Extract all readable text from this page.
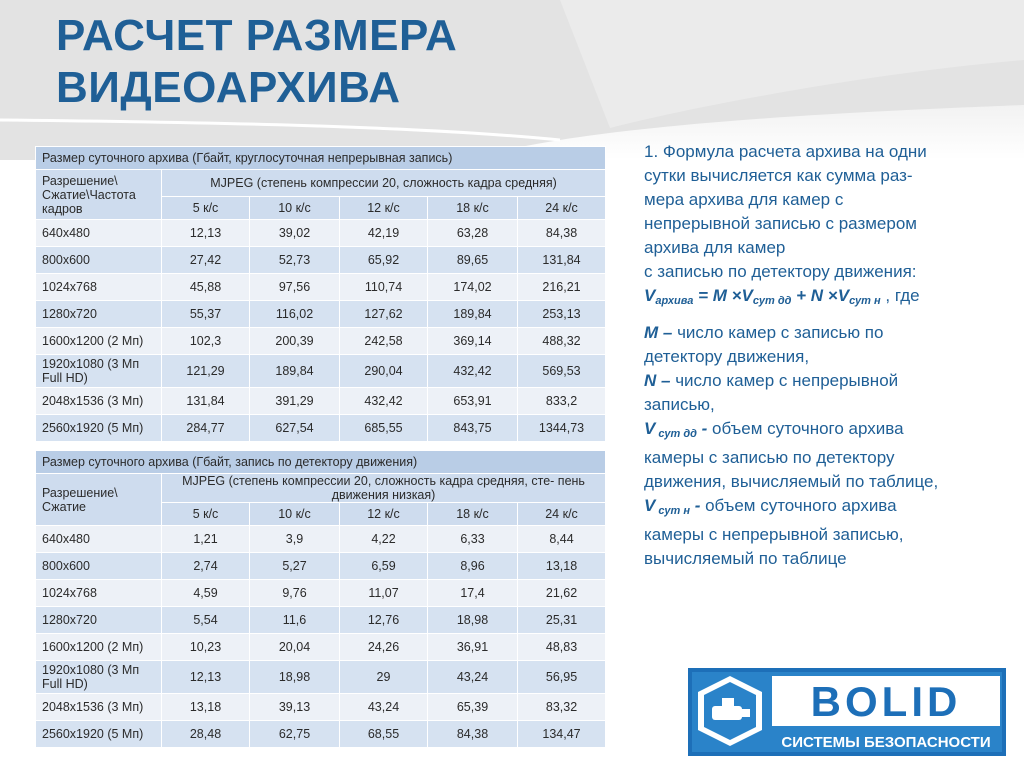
РАСЧЕТ РАЗМЕРА
ВИДЕОАРХИВА
Размер суточного архива (Гбайт, круглосуточная непрерывная запись)					
Разрешение\ Сжатие\Частота кадров	MJPEG (степень компрессии 20, сложность кадра средняя)				
	5 к/с	10 к/с	12 к/с	18 к/с	24 к/с
640x480	12,13	39,02	42,19	63,28	84,38
800x600	27,42	52,73	65,92	89,65	131,84
1024x768	45,88	97,56	110,74	174,02	216,21
1280x720	55,37	116,02	127,62	189,84	253,13
1600x1200 (2 Мп)	102,3	200,39	242,58	369,14	488,32
1920x1080 (3 Мп Full HD)	121,29	189,84	290,04	432,42	569,53
2048x1536 (3 Мп)	131,84	391,29	432,42	653,91	833,2
2560x1920 (5 Мп)	284,77	627,54	685,55	843,75	1344,73

Размер суточного архива (Гбайт, запись по детектору движения)					
Разрешение\ Сжатие	MJPEG (степень компрессии 20, сложность кадра средняя, сте- пень движения низкая)				
	5 к/с	10 к/с	12 к/с	18 к/с	24 к/с
640x480	1,21	3,9	4,22	6,33	8,44
800x600	2,74	5,27	6,59	8,96	13,18
1024x768	4,59	9,76	11,07	17,4	21,62
1280x720	5,54	11,6	12,76	18,98	25,31
1600x1200 (2 Мп)	10,23	20,04	24,26	36,91	48,83
1920x1080 (3 Мп Full HD)	12,13	18,98	29	43,24	56,95
2048x1536 (3 Мп)	13,18	39,13	43,24	65,39	83,32
2560x1920 (5 Мп)	28,48	62,75	68,55	84,38	134,47

1. Формула расчета архива на одни
сутки вычисляется как сумма раз-
мера архива для камер с
непрерывной записью с размером
архива для камер
с записью по детектору движения:

Vархива = M ×Vсут дд + N ×Vсут н , где

M – число камер с записью по
детектору движения,

N – число камер с непрерывной
записью,

V сут дд - объем суточного архива
камеры с записью по детектору
движения, вычисляемый по таблице,

V сут н - объем суточного архива
камеры с непрерывной записью,
вычисляемый по таблице

BOLID
СИСТЕМЫ БЕЗОПАСНОСТИ
